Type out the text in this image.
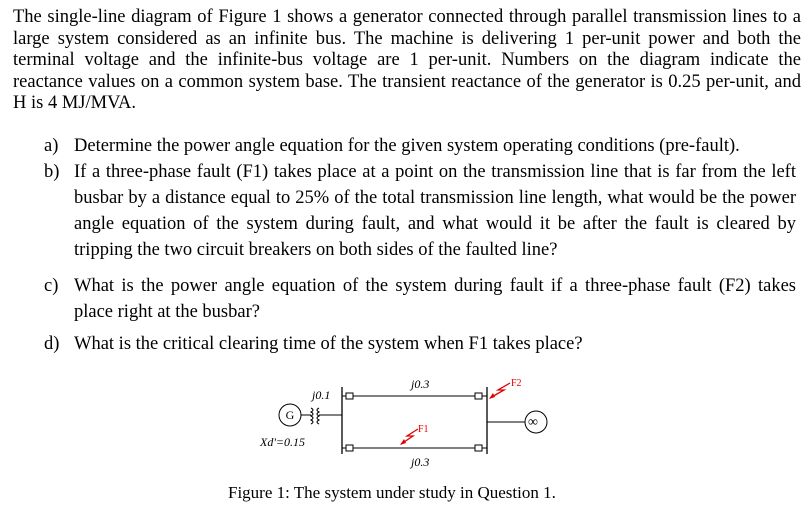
The single-line diagram of Figure 1 shows a generator connected through parallel transmission lines to a large system considered as an infinite bus. The machine is delivering 1 per-unit power and both the terminal voltage and the infinite-bus voltage are 1 per-unit. Numbers on the diagram indicate the reactance values on a common system base. The transient reactance of the generator is 0.25 per-unit, and H is 4 MJ/MVA.
a) Determine the power angle equation for the given system operating conditions (pre-fault).
b) If a three-phase fault (F1) takes place at a point on the transmission line that is far from the left busbar by a distance equal to 25% of the total transmission line length, what would be the power angle equation of the system during fault, and what would it be after the fault is cleared by tripping the two circuit breakers on both sides of the faulted line?
c) What is the power angle equation of the system during fault if a three-phase fault (F2) takes place right at the busbar?
d) What is the critical clearing time of the system when F1 takes place?
G
j0.1
Xd'=0.15
j0.3
j0.3
∞
F2
F1
Figure 1: The system under study in Question 1.
